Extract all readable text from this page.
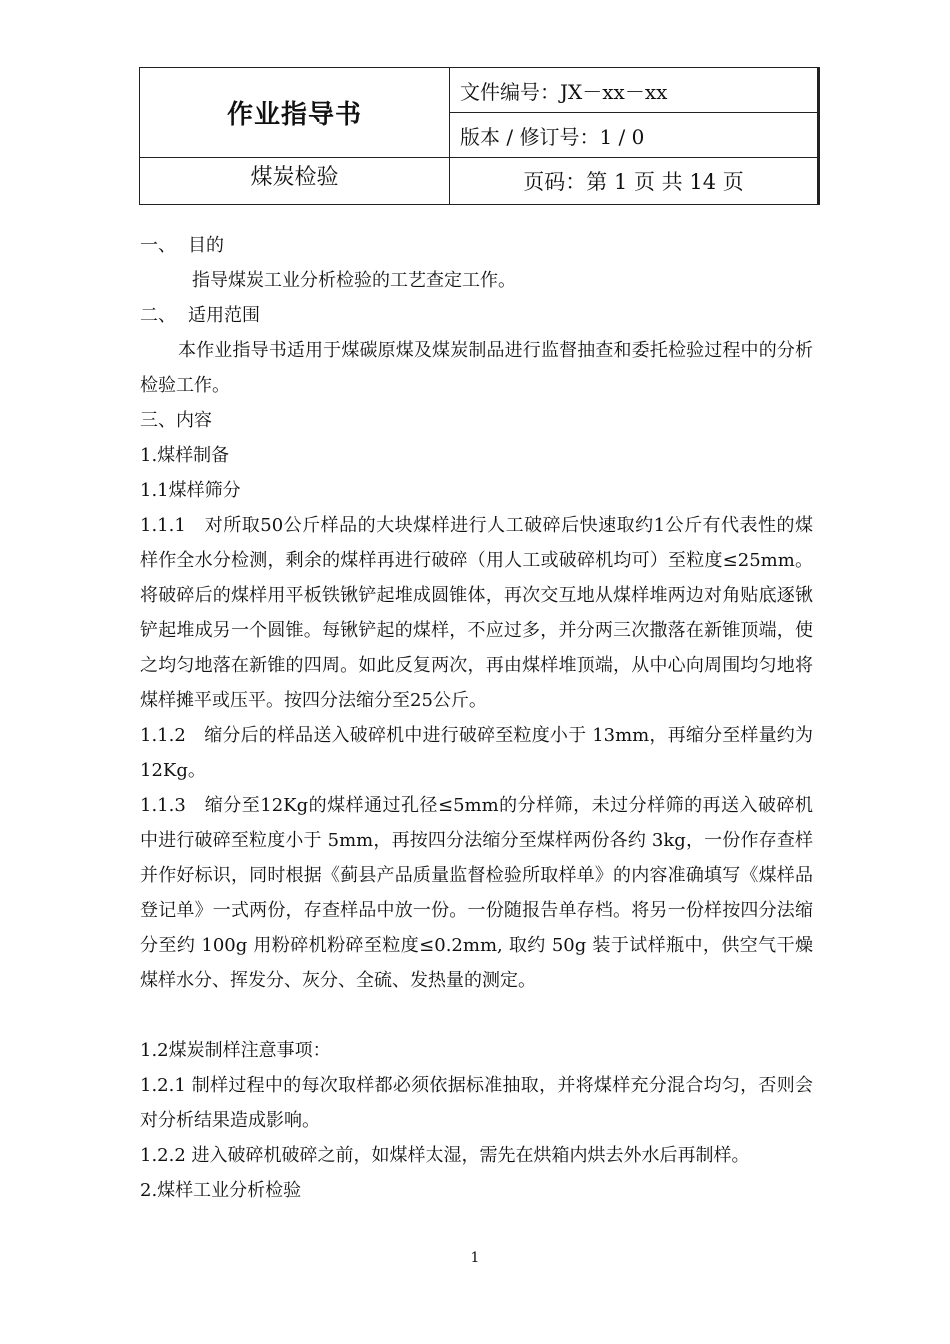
作业指导书	文件编号：JX－xx－xx
	版本 / 修订号：1 / 0
煤炭检验	页码：第 1 页 共 14 页

一、 目的

指导煤炭工业分析检验的工艺查定工作。

二、 适用范围

本作业指导书适用于煤碳原煤及煤炭制品进行监督抽查和委托检验过程中的分析检验工作。

三、内容

1.煤样制备

1.1煤样筛分

1.1.1　对所取50公斤样品的大块煤样进行人工破碎后快速取约1公斤有代表性的煤样作全水分检测，剩余的煤样再进行破碎（用人工或破碎机均可）至粒度≤25mm。将破碎后的煤样用平板铁锹铲起堆成圆锥体，再次交互地从煤样堆两边对角贴底逐锹铲起堆成另一个圆锥。每锹铲起的煤样，不应过多，并分两三次撒落在新锥顶端，使之均匀地落在新锥的四周。如此反复两次，再由煤样堆顶端，从中心向周围均匀地将煤样摊平或压平。按四分法缩分至25公斤。

1.1.2　缩分后的样品送入破碎机中进行破碎至粒度小于 13mm，再缩分至样量约为12Kg。

1.1.3　缩分至12Kg的煤样通过孔径≤5mm的分样筛，未过分样筛的再送入破碎机中进行破碎至粒度小于 5mm，再按四分法缩分至煤样两份各约 3kg，一份作存查样并作好标识，同时根据《蓟县产品质量监督检验所取样单》的内容准确填写《煤样品登记单》一式两份，存查样品中放一份。一份随报告单存档。将另一份样按四分法缩分至约 100g 用粉碎机粉碎至粒度≤0.2mm, 取约 50g 装于试样瓶中，供空气干燥煤样水分、挥发分、灰分、全硫、发热量的测定。

1.2煤炭制样注意事项：

1.2.1 制样过程中的每次取样都必须依据标准抽取，并将煤样充分混合均匀，否则会对分析结果造成影响。

1.2.2 进入破碎机破碎之前，如煤样太湿，需先在烘箱内烘去外水后再制样。

2.煤样工业分析检验

1
